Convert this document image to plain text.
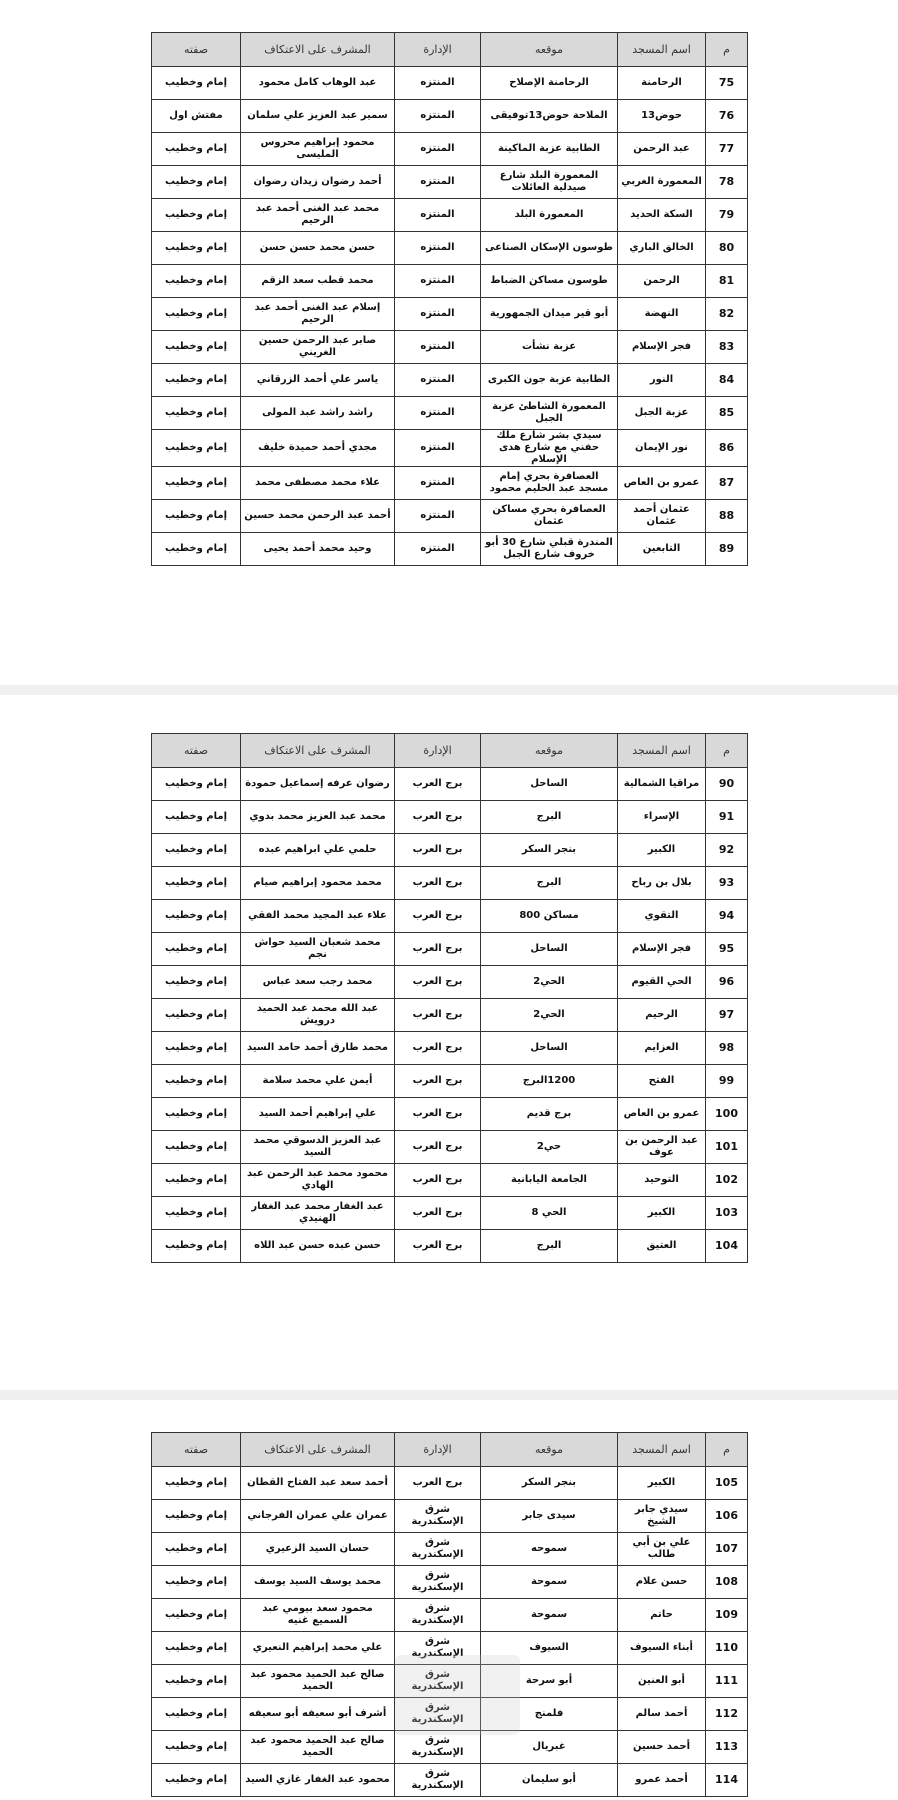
م	اسم المسجد	موقعه	الإدارة	المشرف على الاعتكاف	صفته
75	الرحامنة	الرحامنة الإصلاح	المنتزه	عبد الوهاب كامل محمود	إمام وخطيب
76	حوض13	الملاحة حوض13توفيقى	المنتزه	سمير عبد العزيز علي سلمان	مفتش اول
77	عبد الرحمن	الطابية عزبة الماكينة	المنتزه	محمود إبراهيم محروس المليسى	إمام وخطيب
78	المعمورة الغربي	المعمورة البلد شارع صيدلية العائلات	المنتزه	أحمد رضوان زيدان رضوان	إمام وخطيب
79	السكة الحديد	المعمورة البلد	المنتزه	محمد عبد الغنى أحمد عبد الرحيم	إمام وخطيب
80	الخالق الباري	طوسون الإسكان الصناعى	المنتزه	حسن محمد حسن حسن	إمام وخطيب
81	الرحمن	طوسون مساكن الضباط	المنتزه	محمد قطب سعد الزقم	إمام وخطيب
82	النهضة	أبو قير ميدان الجمهورية	المنتزه	إسلام عبد الغنى أحمد عبد الرحيم	إمام وخطيب
83	فجر الإسلام	عزبة نشأت	المنتزه	صابر عبد الرحمن حسين الغريني	إمام وخطيب
84	النور	الطابية عزبة جون الكبرى	المنتزه	ياسر علي أحمد الزرقاني	إمام وخطيب
85	عزبة الجبل	المعمورة الشاطئ عزبة الجبل	المنتزه	راشد راشد عبد المولى	إمام وخطيب
86	نور الإيمان	سيدي بشر شارع ملك حفني مع شارع هدى الإسلام	المنتزه	مجدي أحمد حميدة خليف	إمام وخطيب
87	عمرو بن العاص	العصافرة بحري إمام مسجد عبد الحليم محمود	المنتزه	علاء محمد مصطفى محمد	إمام وخطيب
88	عثمان أحمد عثمان	العصافرة بحري مساكن عثمان	المنتزه	أحمد عبد الرحمن محمد حسين	إمام وخطيب
89	التابعين	المندرة قبلي شارع 30 أبو خروف شارع الجبل	المنتزه	وحيد محمد أحمد يحيى	إمام وخطيب
م	اسم المسجد	موقعه	الإدارة	المشرف على الاعتكاف	صفته
90	مراقيا الشمالية	الساحل	برج العرب	رضوان عرفه إسماعيل حمودة	إمام وخطيب
91	الإسراء	البرج	برج العرب	محمد عبد العزيز محمد بدوي	إمام وخطيب
92	الكبير	بنجر السكر	برج العرب	حلمي علي ابراهيم عبده	إمام وخطيب
93	بلال بن رباح	البرج	برج العرب	محمد محمود إبراهيم صيام	إمام وخطيب
94	التقوي	مساكن 800	برج العرب	علاء عبد المجيد محمد الفقي	إمام وخطيب
95	فجر الإسلام	الساحل	برج العرب	محمد شعبان السيد حواش نجم	إمام وخطيب
96	الحي القيوم	الحي2	برج العرب	محمد رجب سعد عباس	إمام وخطيب
97	الرحيم	الحي2	برج العرب	عبد الله محمد عبد الحميد درويش	إمام وخطيب
98	العزايم	الساحل	برج العرب	محمد طارق أحمد حامد السيد	إمام وخطيب
99	الفتح	1200البرج	برج العرب	أيمن علي محمد سلامة	إمام وخطيب
100	عمرو بن العاص	برج قديم	برج العرب	علي إبراهيم أحمد السيد	إمام وخطيب
101	عبد الرحمن بن عوف	حي2	برج العرب	عبد العزيز الدسوقي محمد السيد	إمام وخطيب
102	التوحيد	الجامعة اليابانية	برج العرب	محمود محمد عبد الرحمن عبد الهادي	إمام وخطيب
103	الكبير	الحي 8	برج العرب	عبد الغفار محمد عبد الغفار الهنيدي	إمام وخطيب
104	العتيق	البرج	برج العرب	حسن عبده حسن عبد اللاه	إمام وخطيب
م	اسم المسجد	موقعه	الإدارة	المشرف على الاعتكاف	صفته
105	الكبير	بنجر السكر	برج العرب	أحمد سعد عبد الفتاح القطان	إمام وخطيب
106	سيدي جابر الشيخ	سيدى جابر	شرق الإسكندرية	عمران علي عمران الفرجاني	إمام وخطيب
107	علي بن أبي طالب	سموحه	شرق الإسكندرية	حسان السيد الزعيري	إمام وخطيب
108	حسن علام	سموحة	شرق الإسكندرية	محمد يوسف السيد يوسف	إمام وخطيب
109	حاتم	سموحة	شرق الإسكندرية	محمود سعد بيومي عبد السميع غنيه	إمام وخطيب
110	أبناء السيوف	السيوف	شرق الإسكندرية	علي محمد إبراهيم النعيري	إمام وخطيب
111	أبو العنين	أبو سرحة	شرق الإسكندرية	صالح عبد الحميد محمود عبد الحميد	إمام وخطيب
112	أحمد سالم	فلمنج	شرق الإسكندرية	أشرف أبو سعيفه أبو سعيفه	إمام وخطيب
113	أحمد حسين	غبريال	شرق الإسكندرية	صالح عبد الحميد محمود عبد الحميد	إمام وخطيب
114	أحمد عمرو	أبو سليمان	شرق الإسكندرية	محمود عبد الغفار غازي السيد	إمام وخطيب
